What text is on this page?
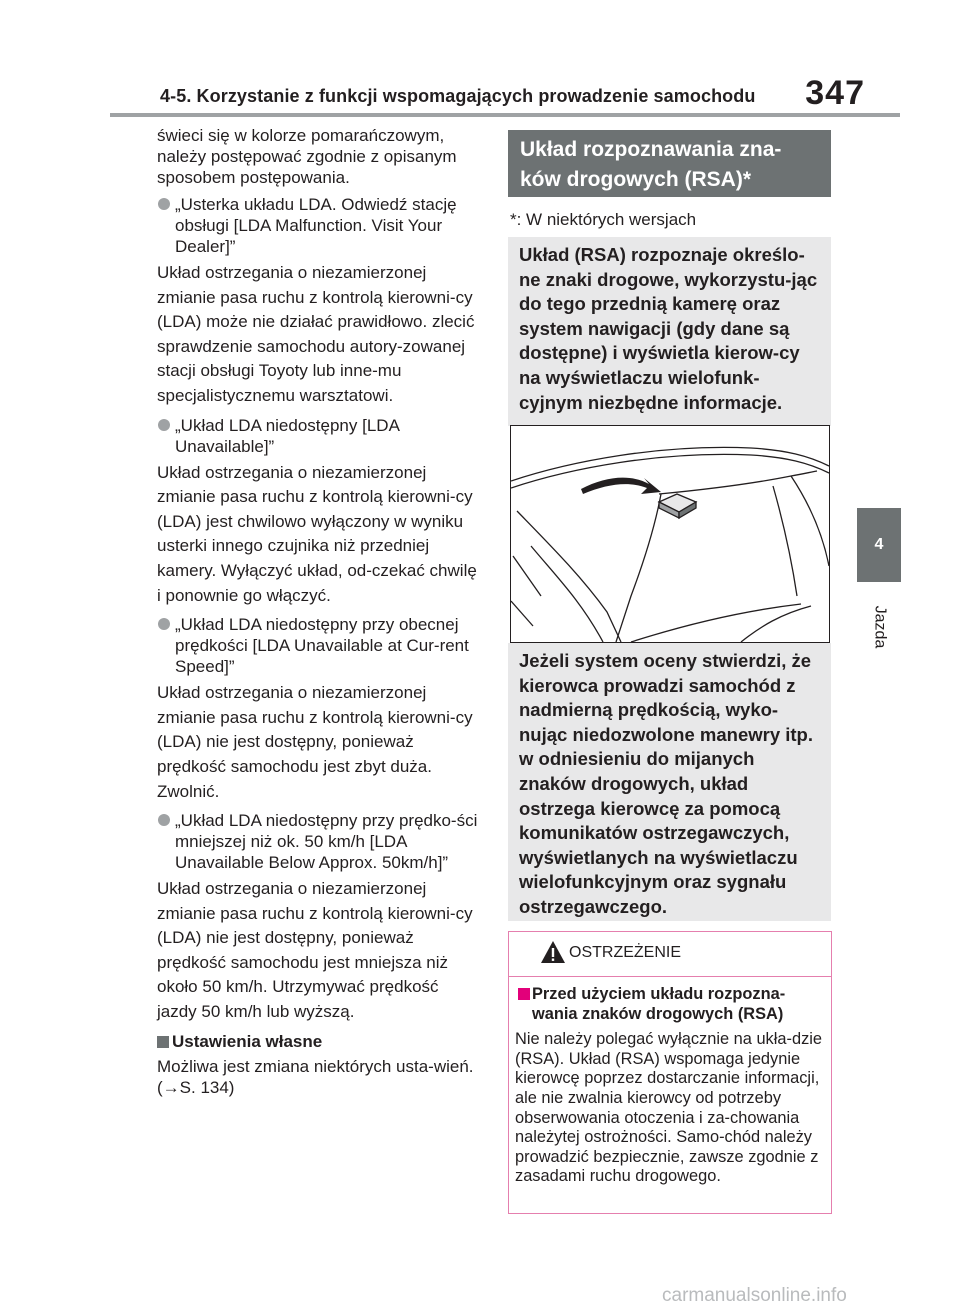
4-5. Korzystanie z funkcji wspomagających prowadzenie samochodu	347
4
Jazda

świeci się w kolorze pomarańczowym, należy postępować zgodnie z opisanym sposobem postępowania.

„Usterka układu LDA. Odwiedź stację obsługi [LDA Malfunction. Visit Your Dealer]”

Układ ostrzegania o niezamierzonej zmianie pasa ruchu z kontrolą kierowni-cy (LDA) może nie działać prawidłowo. zlecić sprawdzenie samochodu autory-zowanej stacji obsługi Toyoty lub inne-mu specjalistycznemu warsztatowi.

„Układ LDA niedostępny [LDA Unavailable]”

Układ ostrzegania o niezamierzonej zmianie pasa ruchu z kontrolą kierowni-cy (LDA) jest chwilowo wyłączony w wyniku usterki innego czujnika niż przedniej kamery. Wyłączyć układ, od-czekać chwilę i ponownie go włączyć.

„Układ LDA niedostępny przy obecnej prędkości [LDA Unavailable at Cur-rent Speed]”

Układ ostrzegania o niezamierzonej zmianie pasa ruchu z kontrolą kierowni-cy (LDA) nie jest dostępny, ponieważ prędkość samochodu jest zbyt duża. Zwolnić.

„Układ LDA niedostępny przy prędko-ści mniejszej niż ok. 50 km/h [LDA Unavailable Below Approx. 50km/h]”

Układ ostrzegania o niezamierzonej zmianie pasa ruchu z kontrolą kierowni-cy (LDA) nie jest dostępny, ponieważ prędkość samochodu jest mniejsza niż około 50 km/h. Utrzymywać prędkość jazdy 50 km/h lub wyższą.

Ustawienia własne

Możliwa jest zmiana niektórych usta-wień. (→S. 134)

Układ rozpoznawania zna-ków drogowych (RSA)*
*: W niektórych wersjach
Układ (RSA) rozpoznaje określo-ne znaki drogowe, wykorzystu-jąc do tego przednią kamerę oraz system nawigacji (gdy dane są dostępne) i wyświetla kierow-cy na wyświetlaczu wielofunk-cyjnym niezbędne informacje.
Jeżeli system oceny stwierdzi, że kierowca prowadzi samochód z nadmierną prędkością, wyko-nując niedozwolone manewry itp. w odniesieniu do mijanych znaków drogowych, układ ostrzega kierowcę za pomocą komunikatów ostrzegawczych, wyświetlanych na wyświetlaczu wielofunkcyjnym oraz sygnału ostrzegawczego.
OSTRZEŻENIE
Przed użyciem układu rozpozna-wania znaków drogowych (RSA)
Nie należy polegać wyłącznie na ukła-dzie (RSA). Układ (RSA) wspomaga jedynie kierowcę poprzez dostarczanie informacji, ale nie zwalnia kierowcy od potrzeby obserwowania otoczenia i za-chowania należytej ostrożności. Samo-chód należy prowadzić bezpiecznie, zawsze zgodnie z zasadami ruchu drogowego.
carmanualsonline.info
